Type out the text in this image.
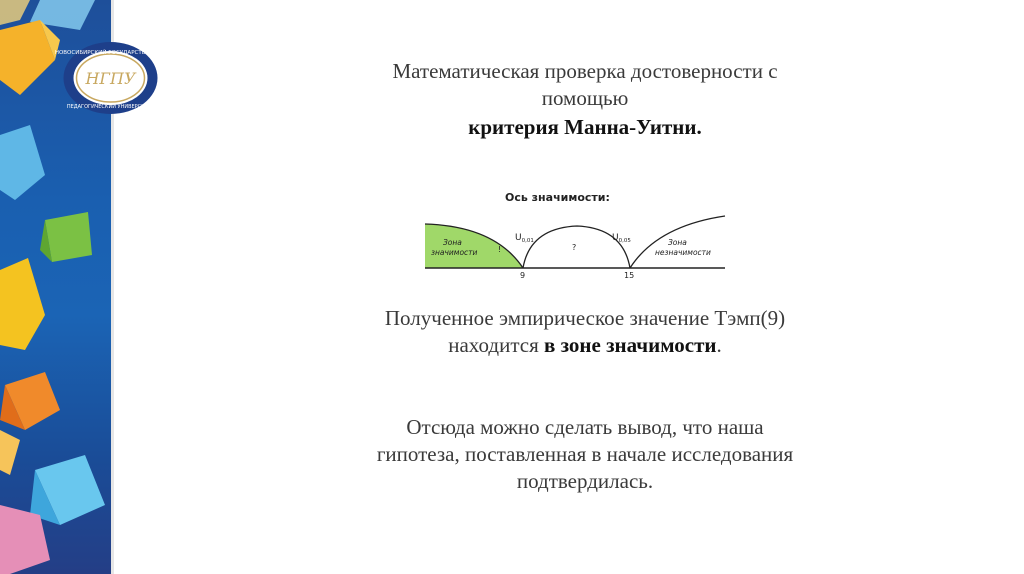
НОВОСИБИРСКИЙ ГОСУДАРСТВЕННЫЙ
ПЕДАГОГИЧЕСКИЙ УНИВЕРСИТЕТ
НГПУ	Математическая проверка достоверности с
помощью
критерия Манна-Уитни.
Ось значимости:
Зона
значимости	!
$U_{0,01}$
?
$U_{0,05}$	Зона
незначимости
9	15
Полученное эмпирическое значение Тэмп(9)
находится в зоне значимости.
Отсюда можно сделать вывод, что наша
гипотеза, поставленная в начале исследования
подтвердилась.
